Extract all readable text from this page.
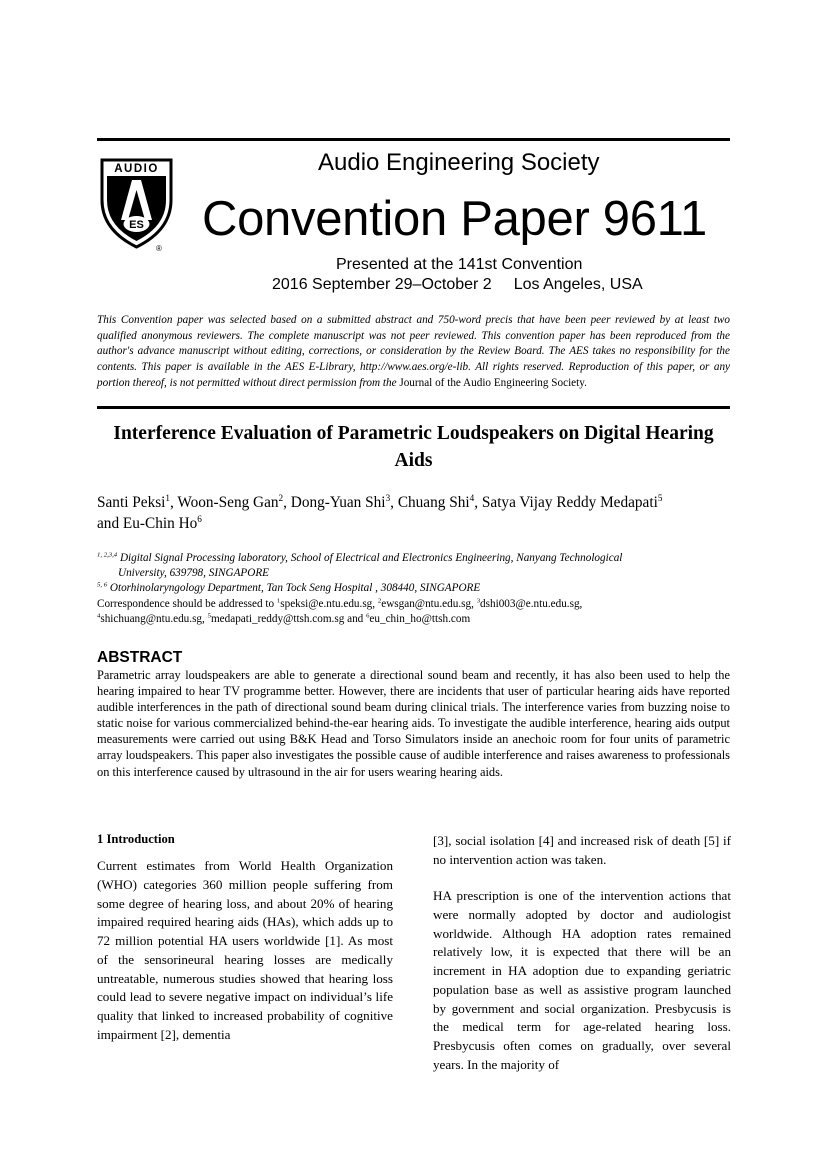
AUDIO
ES
®
Audio Engineering Society
Convention Paper 9611
Presented at the 141st Convention
2016 September 29–October 2 Los Angeles, USA
This Convention paper was selected based on a submitted abstract and 750-word precis that have been peer reviewed by at least two qualified anonymous reviewers. The complete manuscript was not peer reviewed. This convention paper has been reproduced from the author's advance manuscript without editing, corrections, or consideration by the Review Board. The AES takes no responsibility for the contents. This paper is available in the AES E-Library, http://www.aes.org/e-lib. All rights reserved. Reproduction of this paper, or any portion thereof, is not permitted without direct permission from the Journal of the Audio Engineering Society.
Interference Evaluation of Parametric Loudspeakers on Digital Hearing Aids
Santi Peksi$^1$, Woon-Seng Gan$^2$, Dong-Yuan Shi$^3$, Chuang Shi$^4$, Satya Vijay Reddy Medapati$^5$
and Eu-Chin Ho$^6$
$^{1, 2,3,4}$ Digital Signal Processing laboratory, School of Electrical and Electronics Engineering, Nanyang Technological
University, 639798, SINGAPORE
$^{5, 6}$ Otorhinolaryngology Department, Tan Tock Seng Hospital , 308440, SINGAPORE
Correspondence should be addressed to $^1$speksi@e.ntu.edu.sg, $^2$ewsgan@ntu.edu.sg, $^3$dshi003@e.ntu.edu.sg,
$^4$shichuang@ntu.edu.sg, $^5$medapati_reddy@ttsh.com.sg and $^6$eu_chin_ho@ttsh.com
ABSTRACT
Parametric array loudspeakers are able to generate a directional sound beam and recently, it has also been used to help the hearing impaired to hear TV programme better. However, there are incidents that user of particular hearing aids have reported audible interferences in the path of directional sound beam during clinical trials. The interference varies from buzzing noise to static noise for various commercialized behind-the-ear hearing aids. To investigate the audible interference, hearing aids output measurements were carried out using B&K Head and Torso Simulators inside an anechoic room for four units of parametric array loudspeakers. This paper also investigates the possible cause of audible interference and raises awareness to professionals on this interference caused by ultrasound in the air for users wearing hearing aids.
1 Introduction

Current estimates from World Health Organization (WHO) categories 360 million people suffering from some degree of hearing loss, and about 20% of hearing impaired required hearing aids (HAs), which adds up to 72 million potential HA users worldwide [1]. As most of the sensorineural hearing losses are medically untreatable, numerous studies showed that hearing loss could lead to severe negative impact on individual’s life quality that linked to increased probability of cognitive impairment [2], dementia

[3], social isolation [4] and increased risk of death [5] if no intervention action was taken.

HA prescription is one of the intervention actions that were normally adopted by doctor and audiologist worldwide. Although HA adoption rates remained relatively low, it is expected that there will be an increment in HA adoption due to expanding geriatric population base as well as assistive program launched by government and social organization. Presbycusis is the medical term for age-related hearing loss. Presbycusis often comes on gradually, over several years. In the majority of
